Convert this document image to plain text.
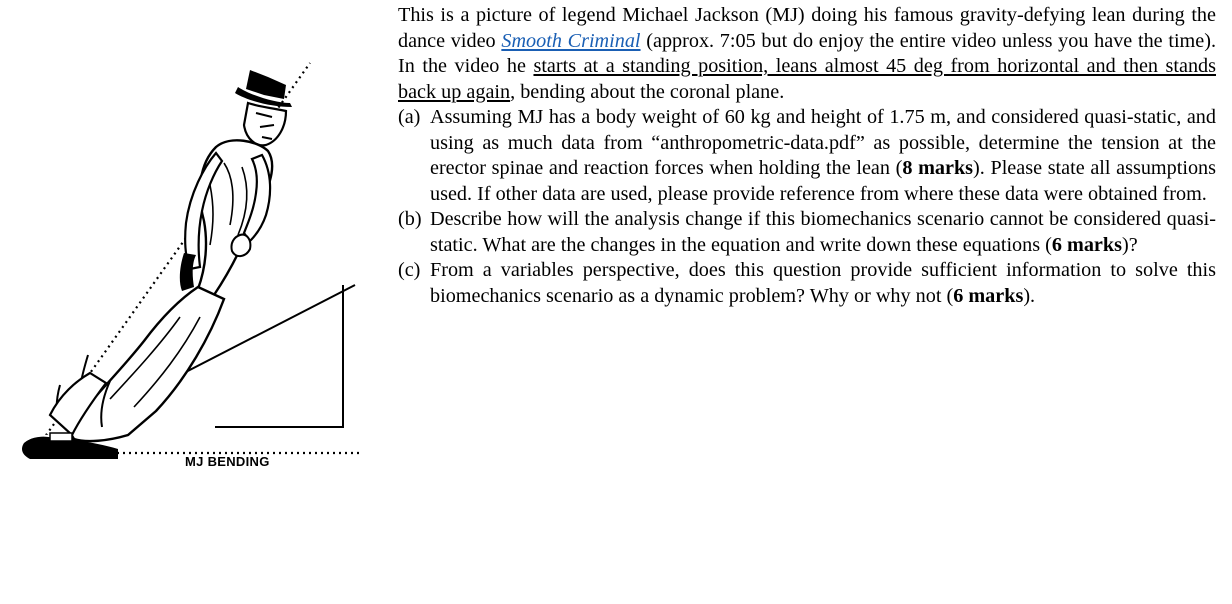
MJ BENDING

This is a picture of legend Michael Jackson (MJ) doing his famous gravity-defying lean during the dance video Smooth Criminal (approx. 7:05 but do enjoy the entire video unless you have the time). In the video he starts at a standing position, leans almost 45 deg from horizontal and then stands back up again, bending about the coronal plane.

(a) Assuming MJ has a body weight of 60 kg and height of 1.75 m, and considered quasi-static, and using as much data from “anthropometric-data.pdf” as possible, determine the tension at the erector spinae and reaction forces when holding the lean (8 marks). Please state all assumptions used. If other data are used, please provide reference from where these data were obtained from.
(b) Describe how will the analysis change if this biomechanics scenario cannot be considered quasi-static. What are the changes in the equation and write down these equations (6 marks)?
(c) From a variables perspective, does this question provide sufficient information to solve this biomechanics scenario as a dynamic problem? Why or why not (6 marks).
